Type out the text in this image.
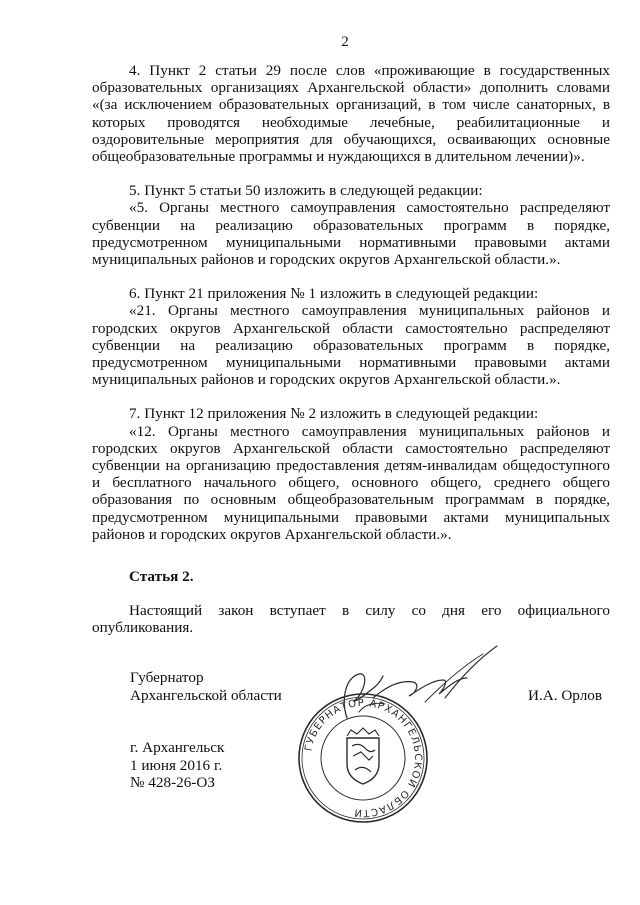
2

4. Пункт 2 статьи 29 после слов «проживающие в государственных образовательных организациях Архангельской области» дополнить словами «(за исключением образовательных организаций, в том числе санаторных, в которых проводятся необходимые лечебные, реабилитационные и оздоровительные мероприятия для обучающихся, осваивающих основные общеобразовательные программы и нуждающихся в длительном лечении)».

5. Пункт 5 статьи 50 изложить в следующей редакции:

«5. Органы местного самоуправления самостоятельно распределяют субвенции на реализацию образовательных программ в порядке, предусмотренном муниципальными нормативными правовыми актами муниципальных районов и городских округов Архангельской области.».

6. Пункт 21 приложения № 1 изложить в следующей редакции:

«21. Органы местного самоуправления муниципальных районов и городских округов Архангельской области самостоятельно распределяют субвенции на реализацию образовательных программ в порядке, предусмотренном муниципальными нормативными правовыми актами муниципальных районов и городских округов Архангельской области.».

7. Пункт 12 приложения № 2 изложить в следующей редакции:

«12. Органы местного самоуправления муниципальных районов и городских округов Архангельской области самостоятельно распределяют субвенции на организацию предоставления детям-инвалидам общедоступного и бесплатного начального общего, основного общего, среднего общего образования по основным общеобразовательным программам в порядке, предусмотренном муниципальными правовыми актами муниципальных районов и городских округов Архангельской области.».

Статья 2.

Настоящий закон вступает в силу со дня его официального опубликования.

Губернатор
Архангельской области	И.А. Орлов
ГУБЕРНАТОР АРХАНГЕЛЬСКОЙ ОБЛАСТИ
г. Архангельск
1 июня 2016 г.
№ 428-26-ОЗ
